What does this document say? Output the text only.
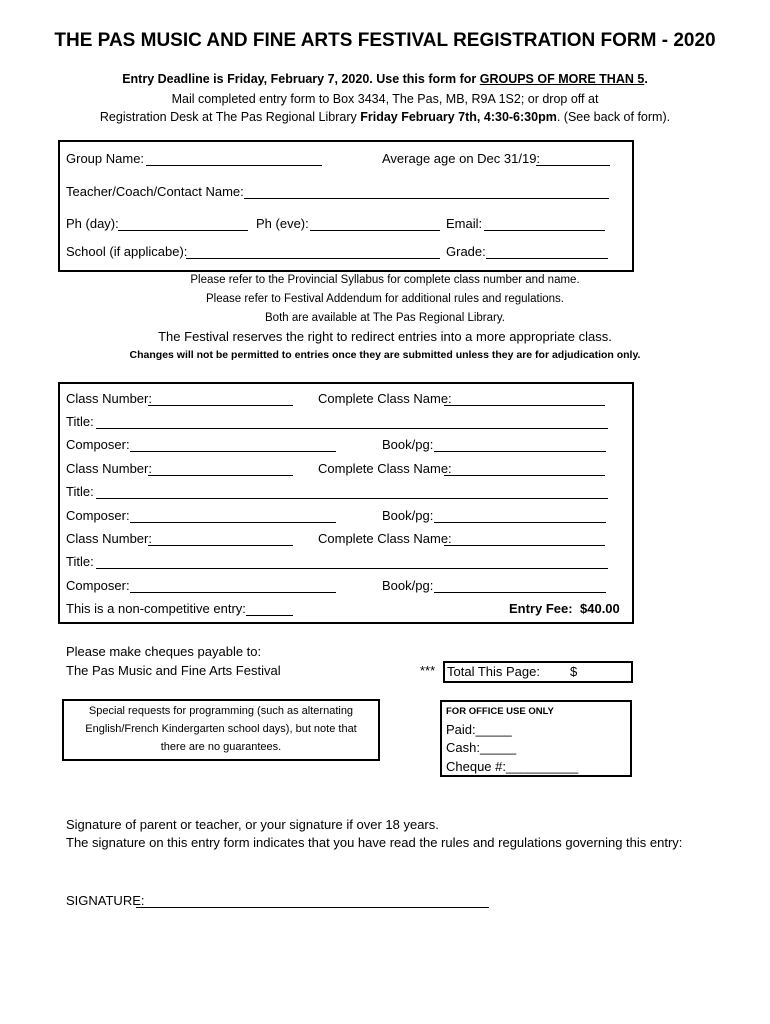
THE PAS MUSIC AND FINE ARTS FESTIVAL REGISTRATION FORM - 2020
Entry Deadline is Friday, February 7, 2020. Use this form for GROUPS OF MORE THAN 5.
Mail completed entry form to Box 3434, The Pas, MB, R9A 1S2; or drop off at
Registration Desk at The Pas Regional Library Friday February 7th, 4:30-6:30pm. (See back of form).
Group Name:	Average age on Dec 31/19:
Teacher/Coach/Contact Name:
Ph (day):	Ph (eve):	Email:
School (if applicabe):	Grade:
Please refer to the Provincial Syllabus for complete class number and name.
Please refer to Festival Addendum for additional rules and regulations.
Both are available at The Pas Regional Library.
The Festival reserves the right to redirect entries into a more appropriate class.
Changes will not be permitted to entries once they are submitted unless they are for adjudication only.
Class Number:	Complete Class Name:
Title:
Composer:	Book/pg:
Class Number:	Complete Class Name:
Title:
Composer:	Book/pg:
Class Number:	Complete Class Name:
Title:
Composer:	Book/pg:
This is a non-competitive entry:	Entry Fee: $40.00
Please make cheques payable to:
The Pas Music and Fine Arts Festival	*** Total This Page: $
Special requests for programming (such as alternating
English/French Kindergarten school days), but note that
there are no guarantees.
FOR OFFICE USE ONLY
Paid:_____
Cash:_____
Cheque #:__________
Signature of parent or teacher, or your signature if over 18 years.
The signature on this entry form indicates that you have read the rules and regulations governing this entry:
SIGNATURE:
